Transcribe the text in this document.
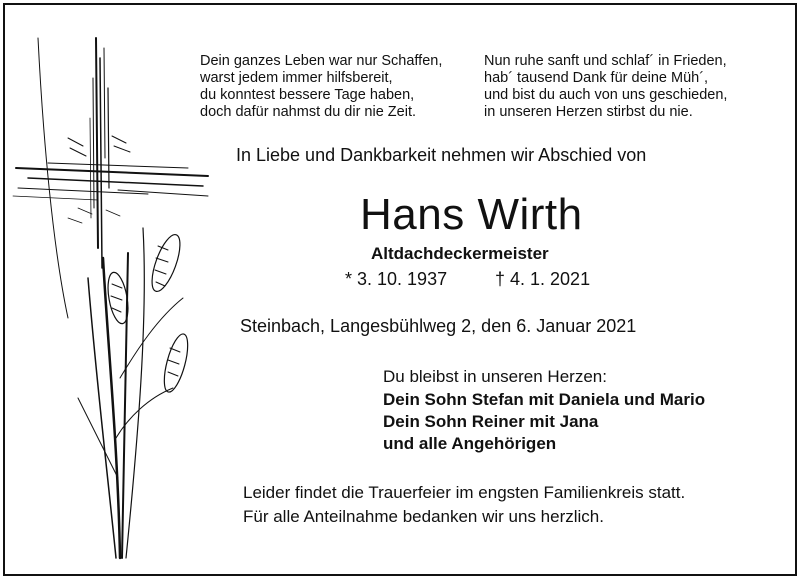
Dein ganzes Leben war nur Schaffen,
warst jedem immer hilfsbereit,
du konntest bessere Tage haben,
doch dafür nahmst du dir nie Zeit.
Nun ruhe sanft und schlaf´ in Frieden,
hab´ tausend Dank für deine Müh´,
und bist du auch von uns geschieden,
in unseren Herzen stirbst du nie.
In Liebe und Dankbarkeit nehmen wir Abschied von
Hans Wirth
Altdachdeckermeister
* 3. 10. 1937	† 4. 1. 2021
Steinbach, Langesbühlweg 2, den 6. Januar 2021
Du bleibst in unseren Herzen:
Dein Sohn Stefan mit Daniela und Mario
Dein Sohn Reiner mit Jana
und alle Angehörigen
Leider findet die Trauerfeier im engsten Familienkreis statt.
Für alle Anteilnahme bedanken wir uns herzlich.
